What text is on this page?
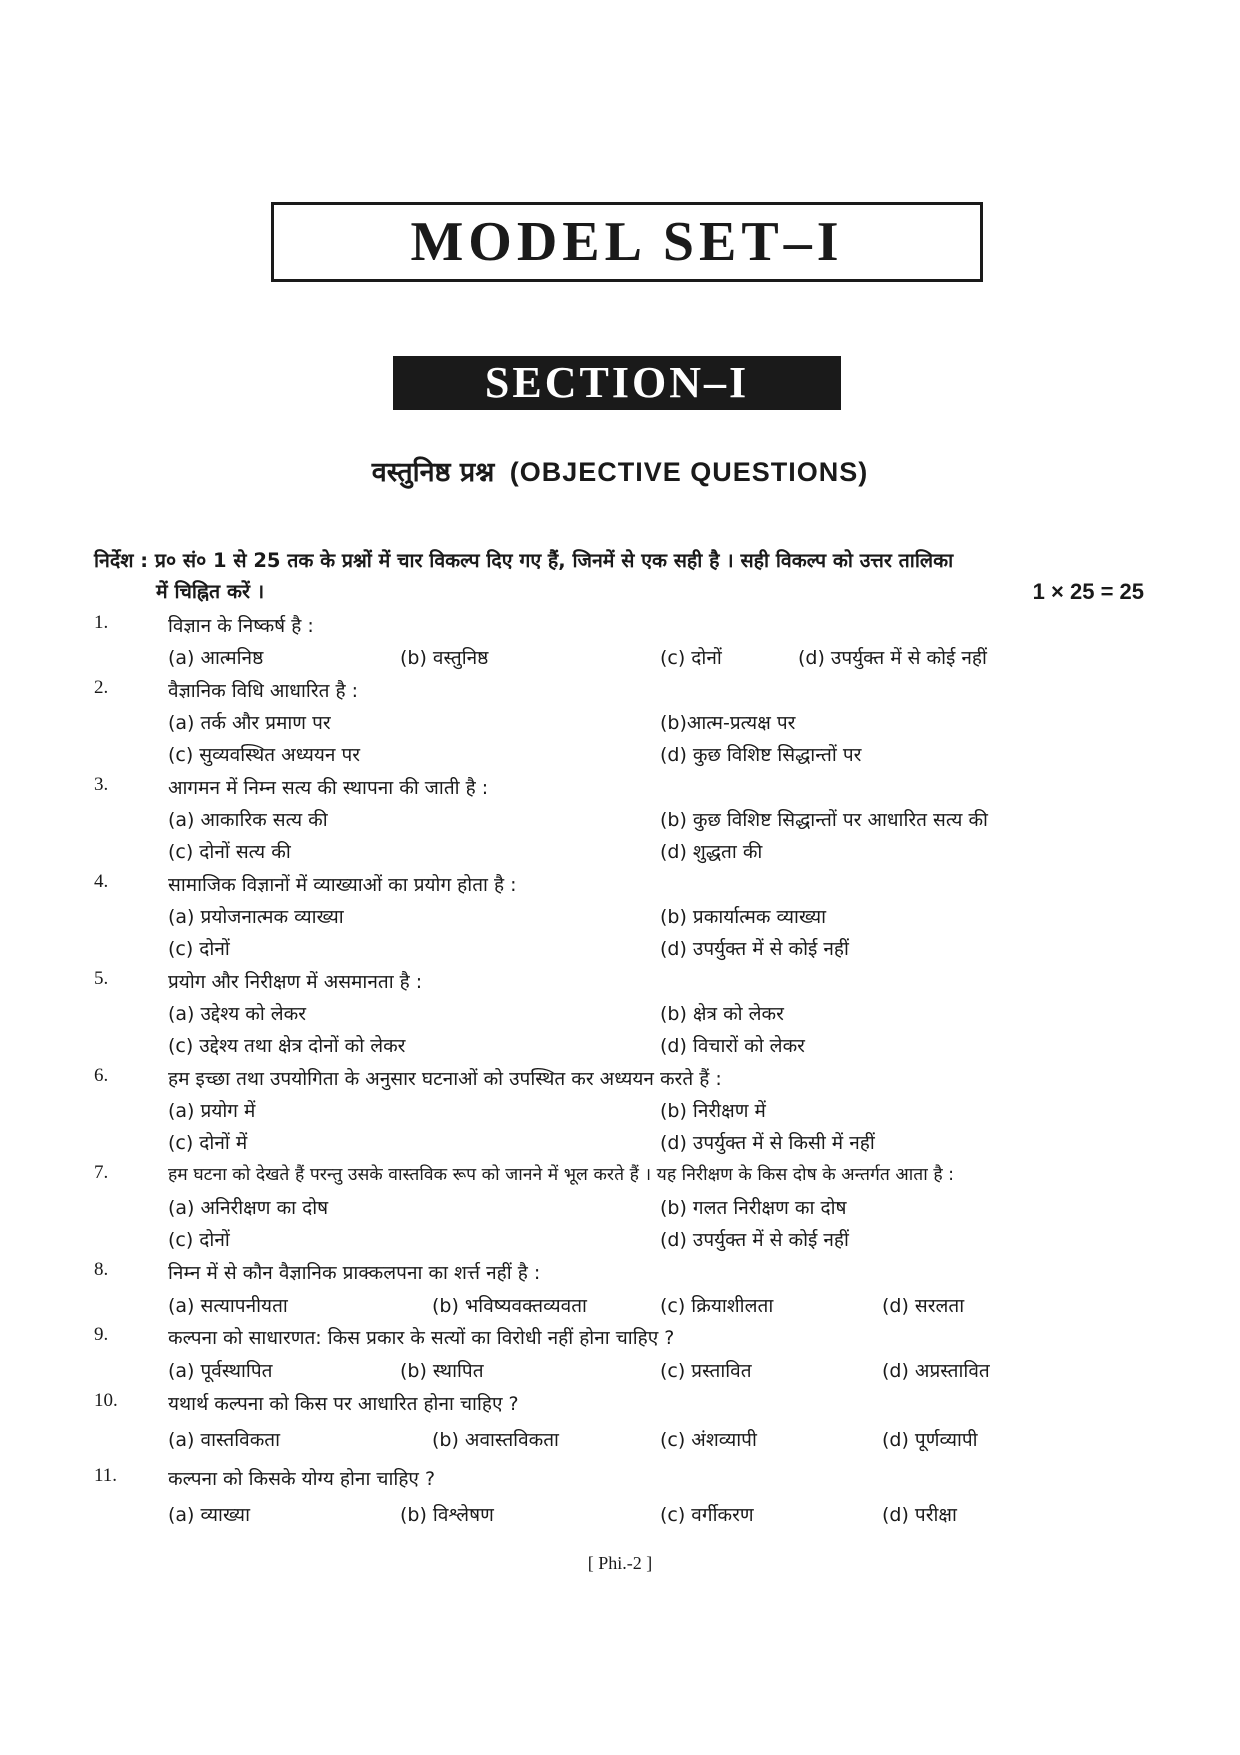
MODEL SET–I
SECTION–I
वस्तुनिष्ठ प्रश्न (OBJECTIVE QUESTIONS)
निर्देश : प्र० सं० 1 से 25 तक के प्रश्नों में चार विकल्प दिए गए हैं, जिनमें से एक सही है । सही विकल्प को उत्तर तालिका
में चिह्नित करें ।	1 × 25 = 25
1.	विज्ञान के निष्कर्ष है :
(a) आत्मनिष्ठ	(b) वस्तुनिष्ठ	(c) दोनों	(d) उपर्युक्त में से कोई नहीं
2.	वैज्ञानिक विधि आधारित है :
(a) तर्क और प्रमाण पर	(b)आत्म-प्रत्यक्ष पर
(c) सुव्यवस्थित अध्ययन पर	(d) कुछ विशिष्ट सिद्धान्तों पर
3.	आगमन में निम्न सत्य की स्थापना की जाती है :
(a) आकारिक सत्य की	(b) कुछ विशिष्ट सिद्धान्तों पर आधारित सत्य की
(c) दोनों सत्य की	(d) शुद्धता की
4.	सामाजिक विज्ञानों में व्याख्याओं का प्रयोग होता है :
(a) प्रयोजनात्मक व्याख्या	(b) प्रकार्यात्मक व्याख्या
(c) दोनों	(d) उपर्युक्त में से कोई नहीं
5.	प्रयोग और निरीक्षण में असमानता है :
(a) उद्देश्य को लेकर	(b) क्षेत्र को लेकर
(c) उद्देश्य तथा क्षेत्र दोनों को लेकर	(d) विचारों को लेकर
6.	हम इच्छा तथा उपयोगिता के अनुसार घटनाओं को उपस्थित कर अध्ययन करते हैं :
(a) प्रयोग में	(b) निरीक्षण में
(c) दोनों में	(d) उपर्युक्त में से किसी में नहीं
7.	हम घटना को देखते हैं परन्तु उसके वास्तविक रूप को जानने में भूल करते हैं । यह निरीक्षण के किस दोष के अन्तर्गत आता है :
(a) अनिरीक्षण का दोष	(b) गलत निरीक्षण का दोष
(c) दोनों	(d) उपर्युक्त में से कोई नहीं
8.	निम्न में से कौन वैज्ञानिक प्राक्कलपना का शर्त्त नहीं है :
(a) सत्यापनीयता	(b) भविष्यवक्तव्यवता	(c) क्रियाशीलता	(d) सरलता
9.	कल्पना को साधारणत: किस प्रकार के सत्यों का विरोधी नहीं होना चाहिए ?
(a) पूर्वस्थापित	(b) स्थापित	(c) प्रस्तावित	(d) अप्रस्तावित
10.	यथार्थ कल्पना को किस पर आधारित होना चाहिए ?
(a) वास्तविकता	(b) अवास्तविकता	(c) अंशव्यापी	(d) पूर्णव्यापी
11.	कल्पना को किसके योग्य होना चाहिए ?
(a) व्याख्या	(b) विश्लेषण	(c) वर्गीकरण	(d) परीक्षा
[ Phi.-2 ]
